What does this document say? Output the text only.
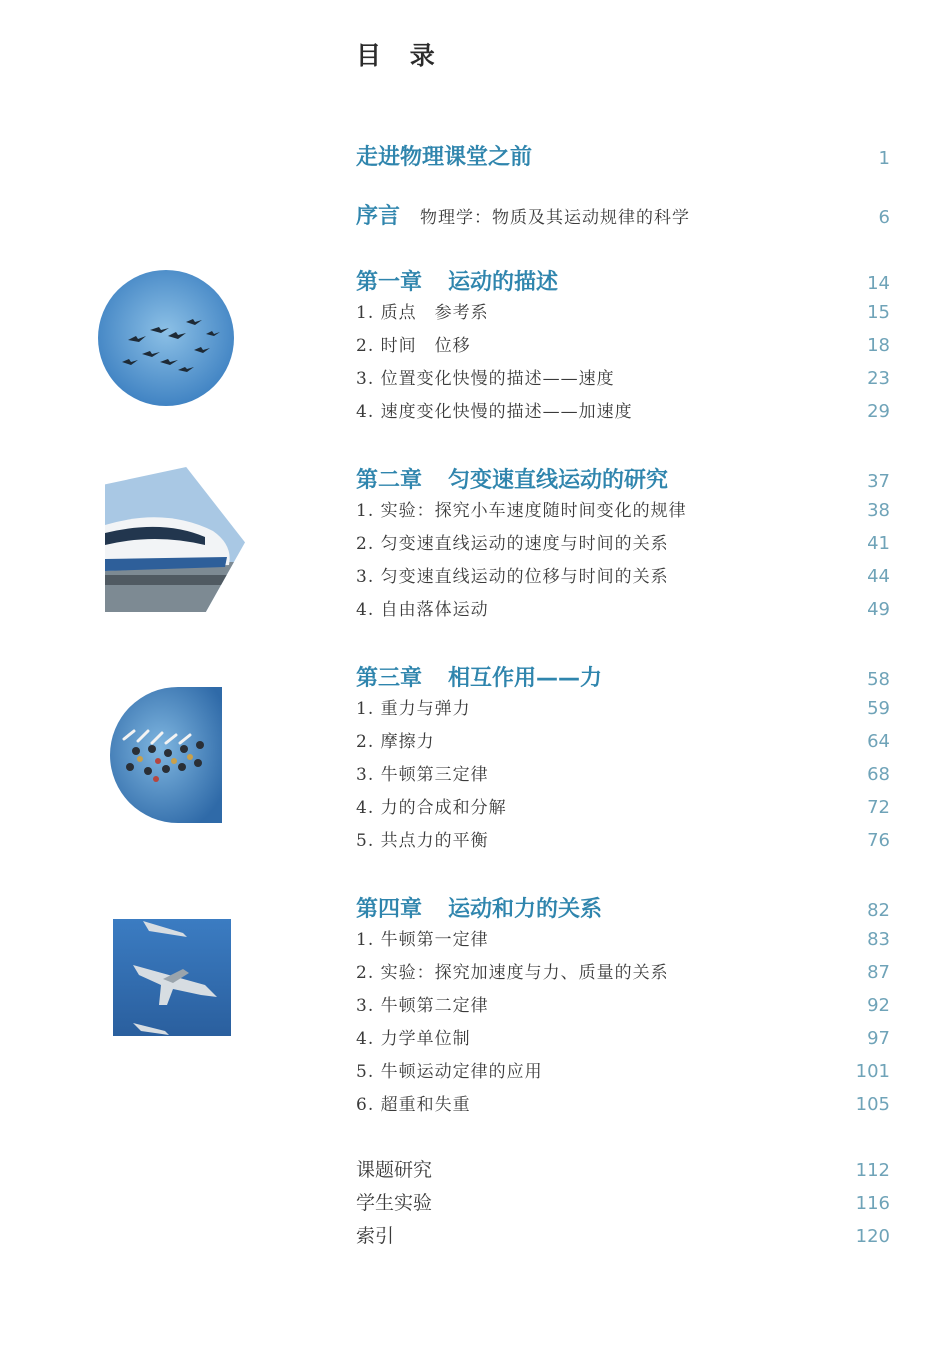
目 录
走进物理课堂之前	1
序言 物理学：物质及其运动规律的科学	6
第一章 运动的描述	14
1. 质点　参考系	15
2. 时间　位移	18
3. 位置变化快慢的描述——速度	23
4. 速度变化快慢的描述——加速度	29
第二章 匀变速直线运动的研究	37
1. 实验：探究小车速度随时间变化的规律	38
2. 匀变速直线运动的速度与时间的关系	41
3. 匀变速直线运动的位移与时间的关系	44
4. 自由落体运动	49
第三章 相互作用——力	58
1. 重力与弹力	59
2. 摩擦力	64
3. 牛顿第三定律	68
4. 力的合成和分解	72
5. 共点力的平衡	76
第四章 运动和力的关系	82
1. 牛顿第一定律	83
2. 实验：探究加速度与力、质量的关系	87
3. 牛顿第二定律	92
4. 力学单位制	97
5. 牛顿运动定律的应用	101
6. 超重和失重	105
课题研究	112
学生实验	116
索引	120
